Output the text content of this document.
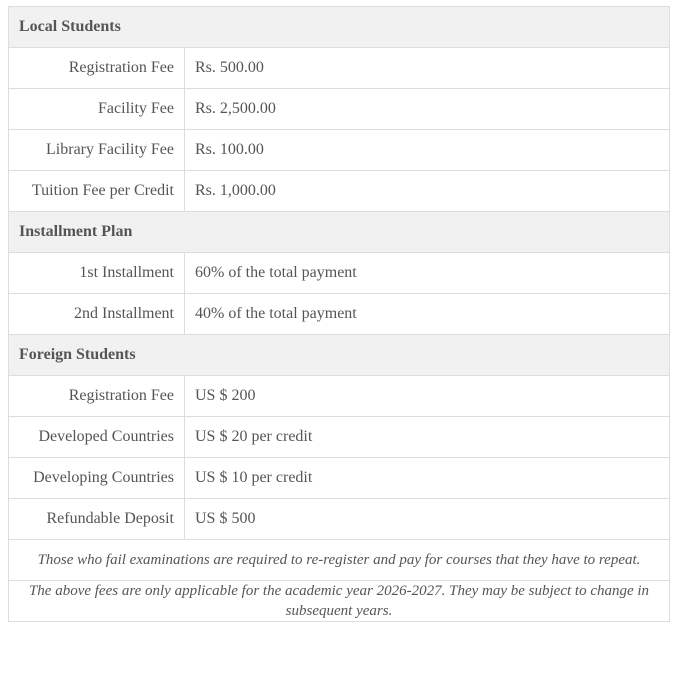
Local Students	
Registration Fee	Rs. 500.00
Facility Fee	Rs. 2,500.00
Library Facility Fee	Rs. 100.00
Tuition Fee per Credit	Rs. 1,000.00
Installment Plan	
1st Installment	60% of the total payment
2nd Installment	40% of the total payment
Foreign Students	
Registration Fee	US $ 200
Developed Countries	US $ 20 per credit
Developing Countries	US $ 10 per credit
Refundable Deposit	US $ 500
Those who fail examinations are required to re-register and pay for courses that they have to repeat.	
The above fees are only applicable for the academic year 2026-2027. They may be subject to change in subsequent years.	
